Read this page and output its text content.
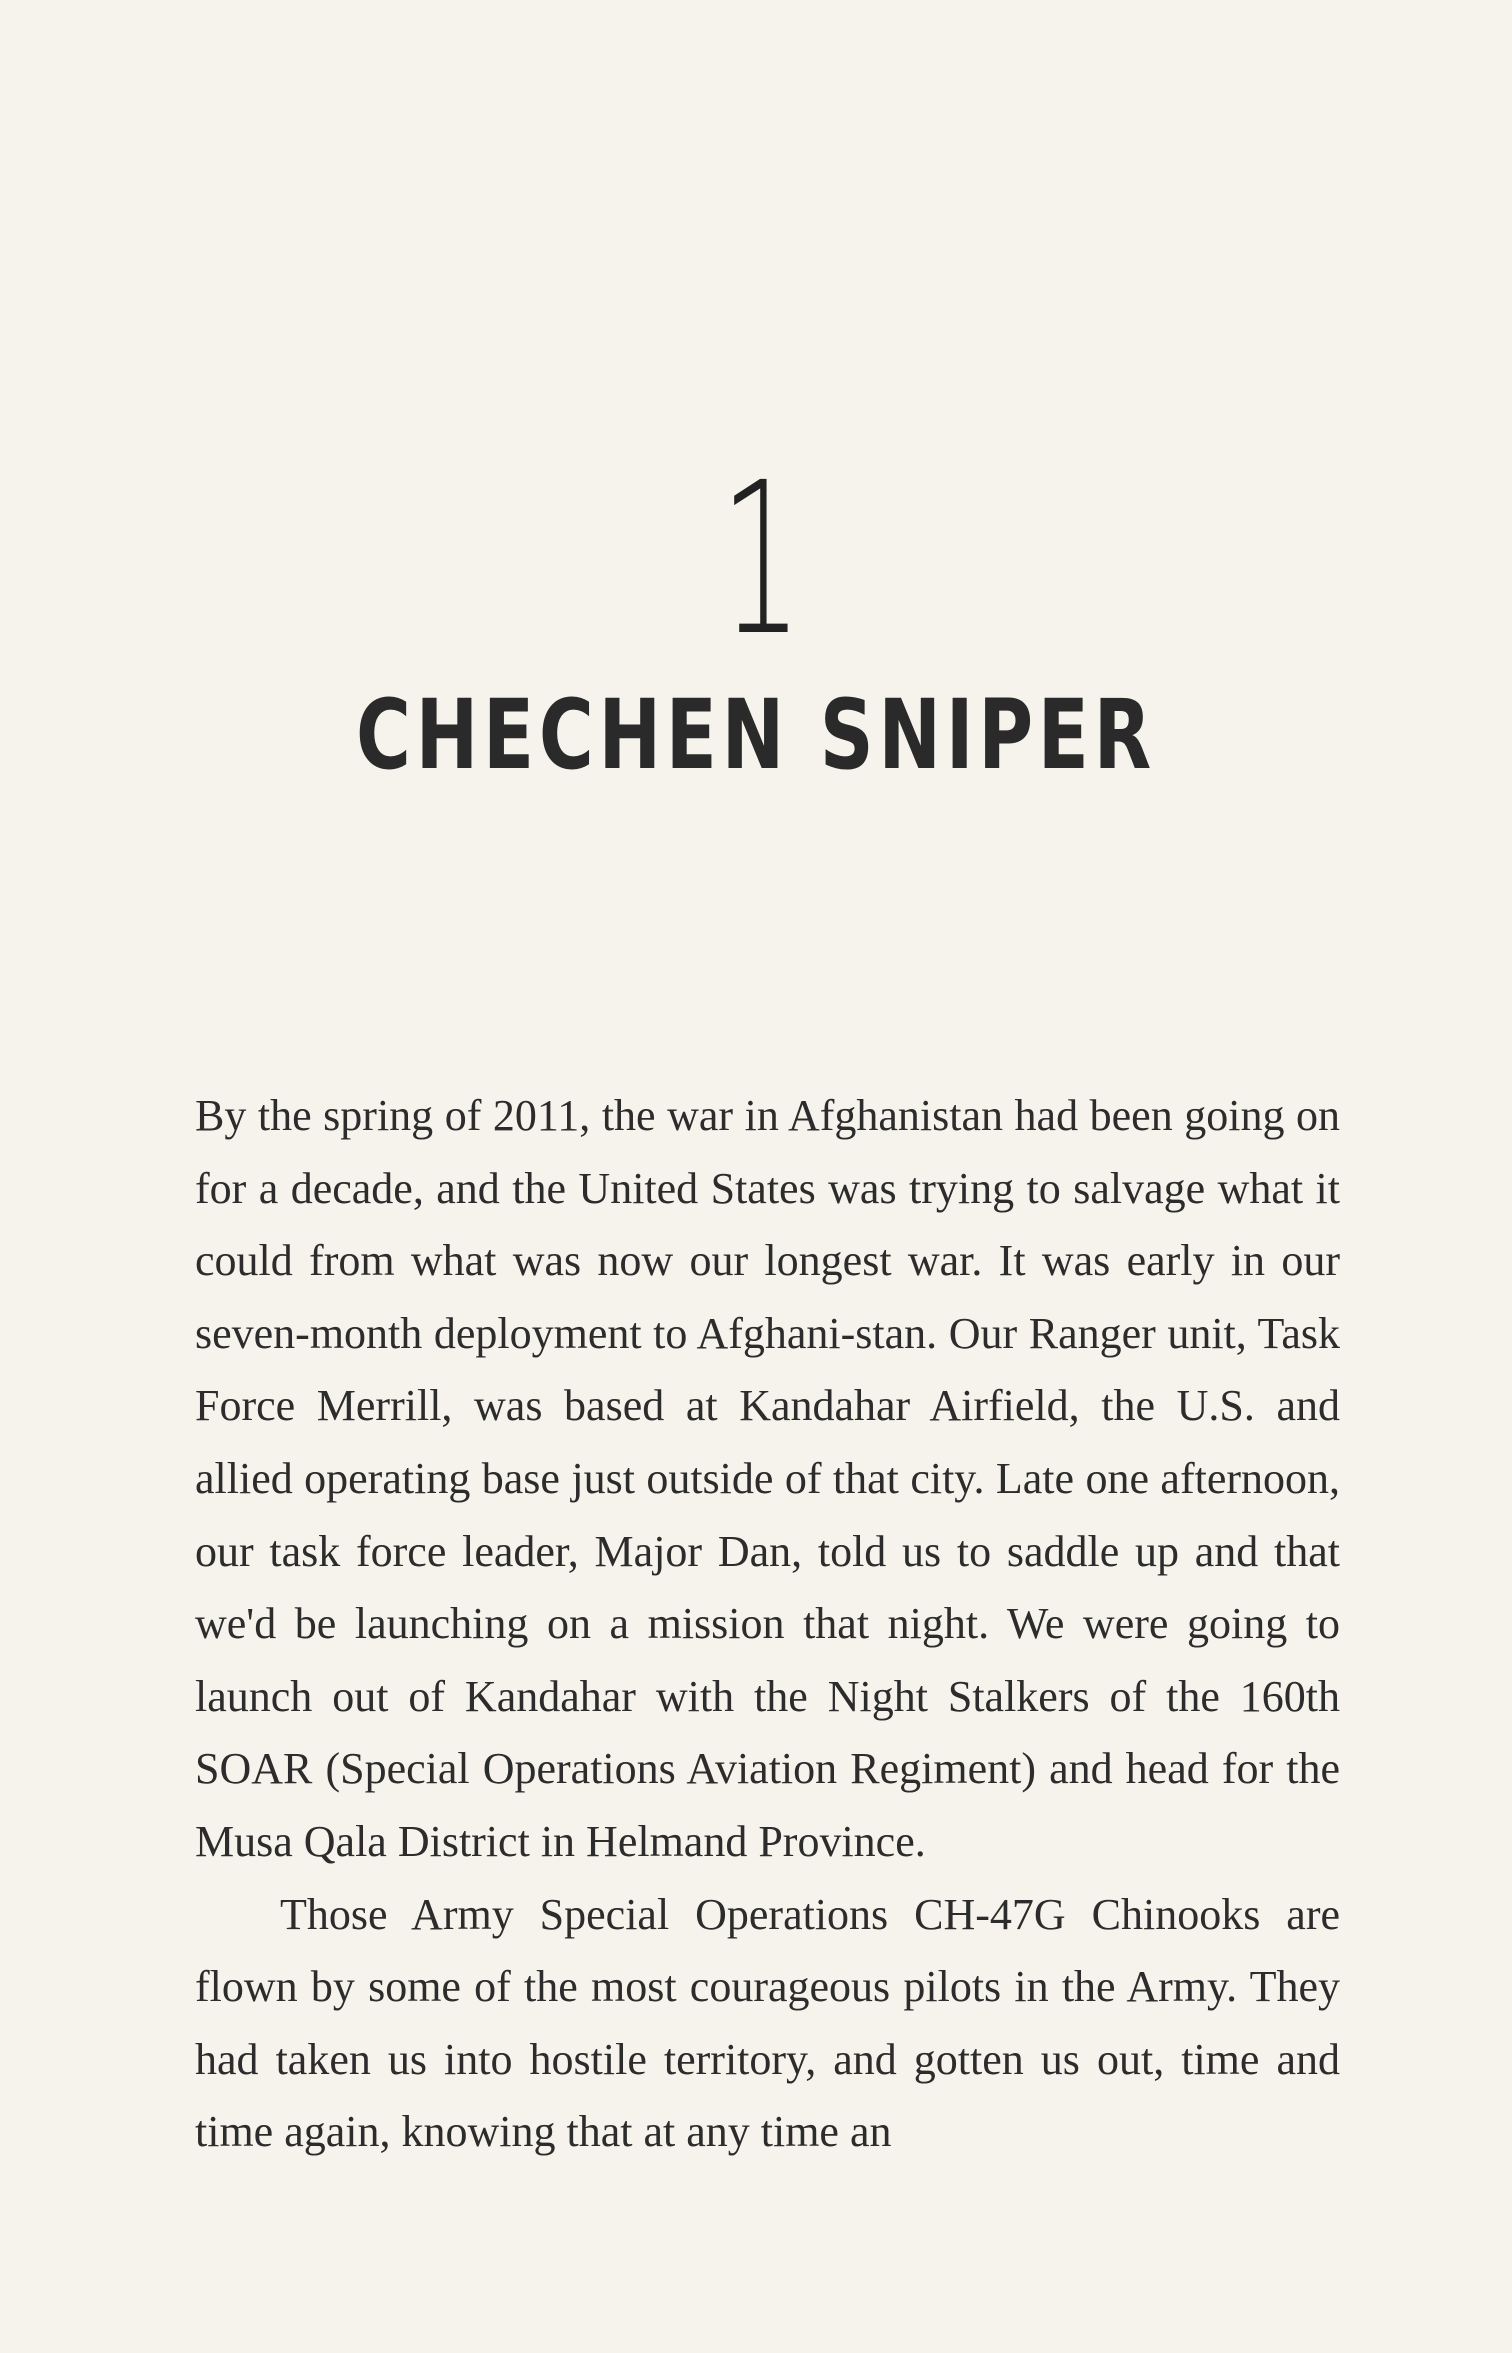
1
CHECHEN SNIPER

By the spring of 2011, the war in Afghanistan had been going on for a decade, and the United States was trying to salvage what it could from what was now our longest war. It was early in our seven-month deployment to Afghani-stan. Our Ranger unit, Task Force Merrill, was based at Kandahar Airfield, the U.S. and allied operating base just outside of that city. Late one afternoon, our task force leader, Major Dan, told us to saddle up and that we'd be launching on a mission that night. We were going to launch out of Kandahar with the Night Stalkers of the 160th SOAR (Special Operations Aviation Regiment) and head for the Musa Qala District in Helmand Province.

Those Army Special Operations CH-47G Chinooks are flown by some of the most courageous pilots in the Army. They had taken us into hostile territory, and gotten us out, time and time again, knowing that at any time an
